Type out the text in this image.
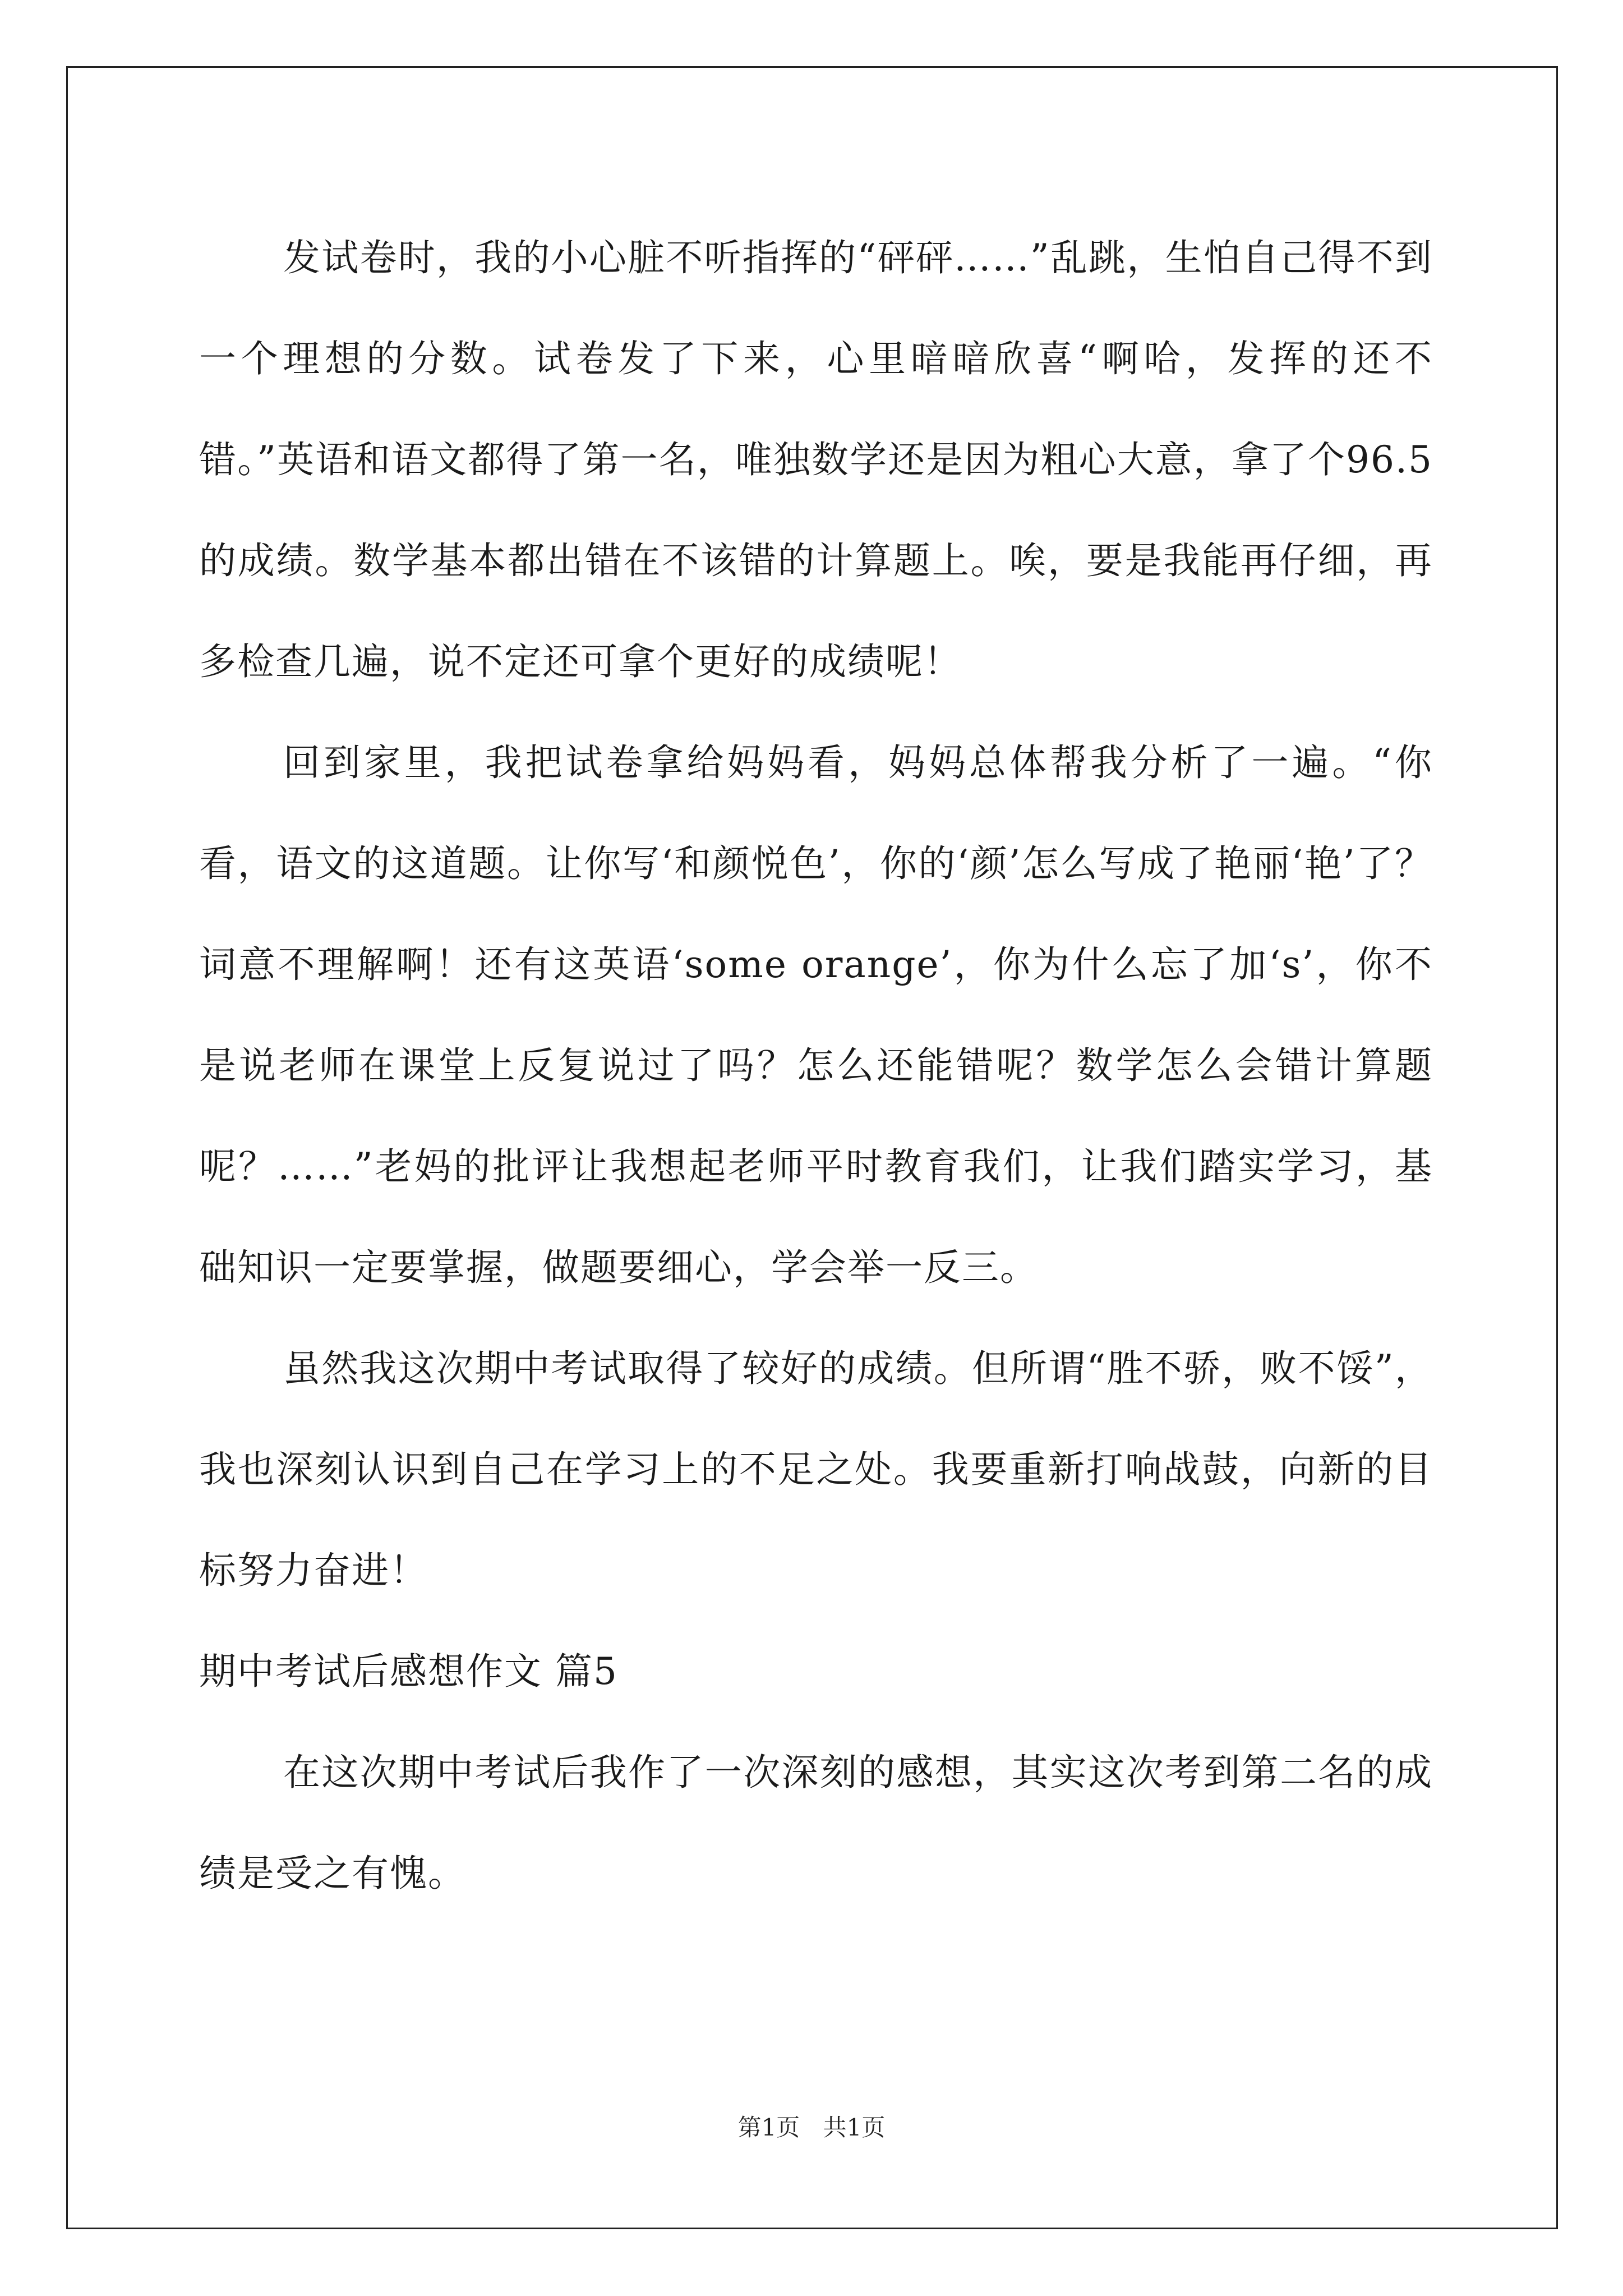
发试卷时，我的小心脏不听指挥的“砰砰……”乱跳，生怕自己得不到一个理想的分数。试卷发了下来，心里暗暗欣喜“啊哈，发挥的还不错。”英语和语文都得了第一名，唯独数学还是因为粗心大意，拿了个96.5的成绩。数学基本都出错在不该错的计算题上。唉，要是我能再仔细，再多检查几遍，说不定还可拿个更好的成绩呢！

回到家里，我把试卷拿给妈妈看，妈妈总体帮我分析了一遍。“你看，语文的这道题。让你写‘和颜悦色’，你的‘颜’怎么写成了艳丽‘艳’了？词意不理解啊！还有这英语‘some orange’，你为什么忘了加‘s’，你不是说老师在课堂上反复说过了吗？怎么还能错呢？数学怎么会错计算题呢？……”老妈的批评让我想起老师平时教育我们，让我们踏实学习，基础知识一定要掌握，做题要细心，学会举一反三。

虽然我这次期中考试取得了较好的成绩。但所谓“胜不骄，败不馁”，我也深刻认识到自己在学习上的不足之处。我要重新打响战鼓，向新的目标努力奋进！

期中考试后感想作文 篇5

在这次期中考试后我作了一次深刻的感想，其实这次考到第二名的成绩是受之有愧。

第1页 共1页
